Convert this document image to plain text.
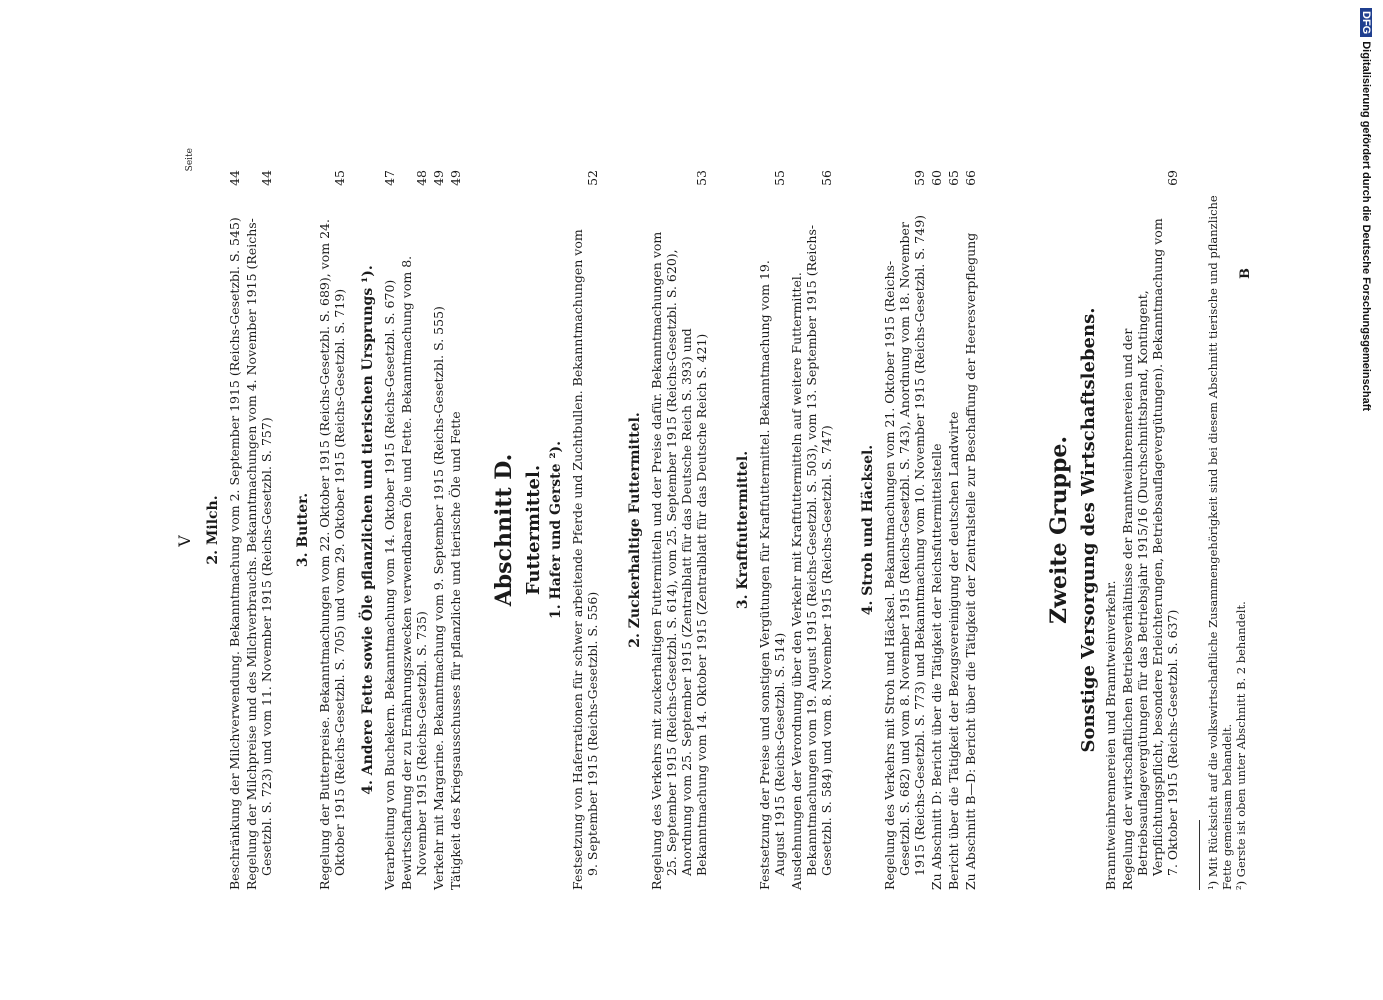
V
Seite
2. Milch. Beschränkung der Milchverwendung. Bekanntmachung vom 2. September 1915 (Reichs-Gesetzbl. S. 545)
44
Regelung der Milchpreise und des Milchverbrauchs. Bekanntmachungen vom 4. November 1915 (Reichs-Gesetzbl. S. 723) und vom 11. November 1915 (Reichs-Gesetzbl. S. 757)
44
3. Butter. Regelung der Butterpreise. Bekanntmachungen vom 22. Oktober 1915 (Reichs-Gesetzbl. S. 689), vom 24. Oktober 1915 (Reichs-Gesetzbl. S. 705) und vom 29. Oktober 1915 (Reichs-Gesetzbl. S. 719)
45
4. Andere Fette sowie Öle pflanzlichen und tierischen Ursprungs ¹). Verarbeitung von Buchekern. Bekanntmachung vom 14. Oktober 1915 (Reichs-Gesetzbl. S. 670)
47
Bewirtschaftung der zu Ernährungszwecken verwendbaren Öle und Fette. Bekanntmachung vom 8. November 1915 (Reichs-Gesetzbl. S. 735)
48
Verkehr mit Margarine. Bekanntmachung vom 9. September 1915 (Reichs-Gesetzbl. S. 555)
49
Tätigkeit des Kriegsausschusses für pflanzliche und tierische Öle und Fette
49
Abschnitt D. Futtermittel. 1. Hafer und Gerste ²). Festsetzung von Haferrationen für schwer arbeitende Pferde und Zuchtbullen. Bekanntmachungen vom 9. September 1915 (Reichs-Gesetzbl. S. 556)
52
2. Zuckerhaltige Futtermittel. Regelung des Verkehrs mit zuckerhaltigen Futtermitteln und der Preise dafür. Bekanntmachungen vom 25. September 1915 (Reichs-Gesetzbl. S. 614), vom 25. September 1915 (Reichs-Gesetzbl. S. 620), Anordnung vom 25. September 1915 (Zentralblatt für das Deutsche Reich S. 393) und Bekanntmachung vom 14. Oktober 1915 (Zentralblatt für das Deutsche Reich S. 421)
53
3. Kraftfuttermittel. Festsetzung der Preise und sonstigen Vergütungen für Kraftfuttermittel. Bekanntmachung vom 19. August 1915 (Reichs-Gesetzbl. S. 514)
55
Ausdehnungen der Verordnung über den Verkehr mit Kraftfuttermitteln auf weitere Futtermittel. Bekanntmachungen vom 19. August 1915 (Reichs-Gesetzbl. S. 503), vom 13. September 1915 (Reichs-Gesetzbl. S. 584) und vom 8. November 1915 (Reichs-Gesetzbl. S. 747)
56
4. Stroh und Häcksel. Regelung des Verkehrs mit Stroh und Häcksel. Bekanntmachungen vom 21. Oktober 1915 (Reichs-Gesetzbl. S. 682) und vom 8. November 1915 (Reichs-Gesetzbl. S. 743), Anordnung vom 18. November 1915 (Reichs-Gesetzbl. S. 773) und Bekanntmachung vom 10. November 1915 (Reichs-Gesetzbl. S. 749)
59
Zu Abschnitt D: Bericht über die Tätigkeit der Reichsfuttermittelstelle
60
Bericht über die Tätigkeit der Bezugsvereinigung der deutschen Landwirte
65
Zu Abschnitt B—D: Bericht über die Tätigkeit der Zentralstelle zur Beschaffung der Heeresverpflegung
66
Zweite Gruppe. Sonstige Versorgung des Wirtschaftslebens. Branntweinbrennereien und Branntweinverkehr. Regelung der wirtschaftlichen Betriebsverhältnisse der Branntweinbrennereien und der Betriebsauflagevergütungen für das Betriebsjahr 1915/16 (Durchschnittsbrand, Kontingent, Verpflichtungspflicht, besondere Erleichterungen, Betriebsauflagevergütungen). Bekanntmachung vom 7. Oktober 1915 (Reichs-Gesetzbl. S. 637)
69
¹) Mit Rücksicht auf die volkswirtschaftliche Zusammengehörigkeit sind bei diesem Abschnitt tierische und pflanzliche Fette gemeinsam behandelt. ²) Gerste ist oben unter Abschnitt B. 2 behandelt.
B
DFGDigitalisierung gefördert durch die Deutsche Forschungsgemeinschaft
